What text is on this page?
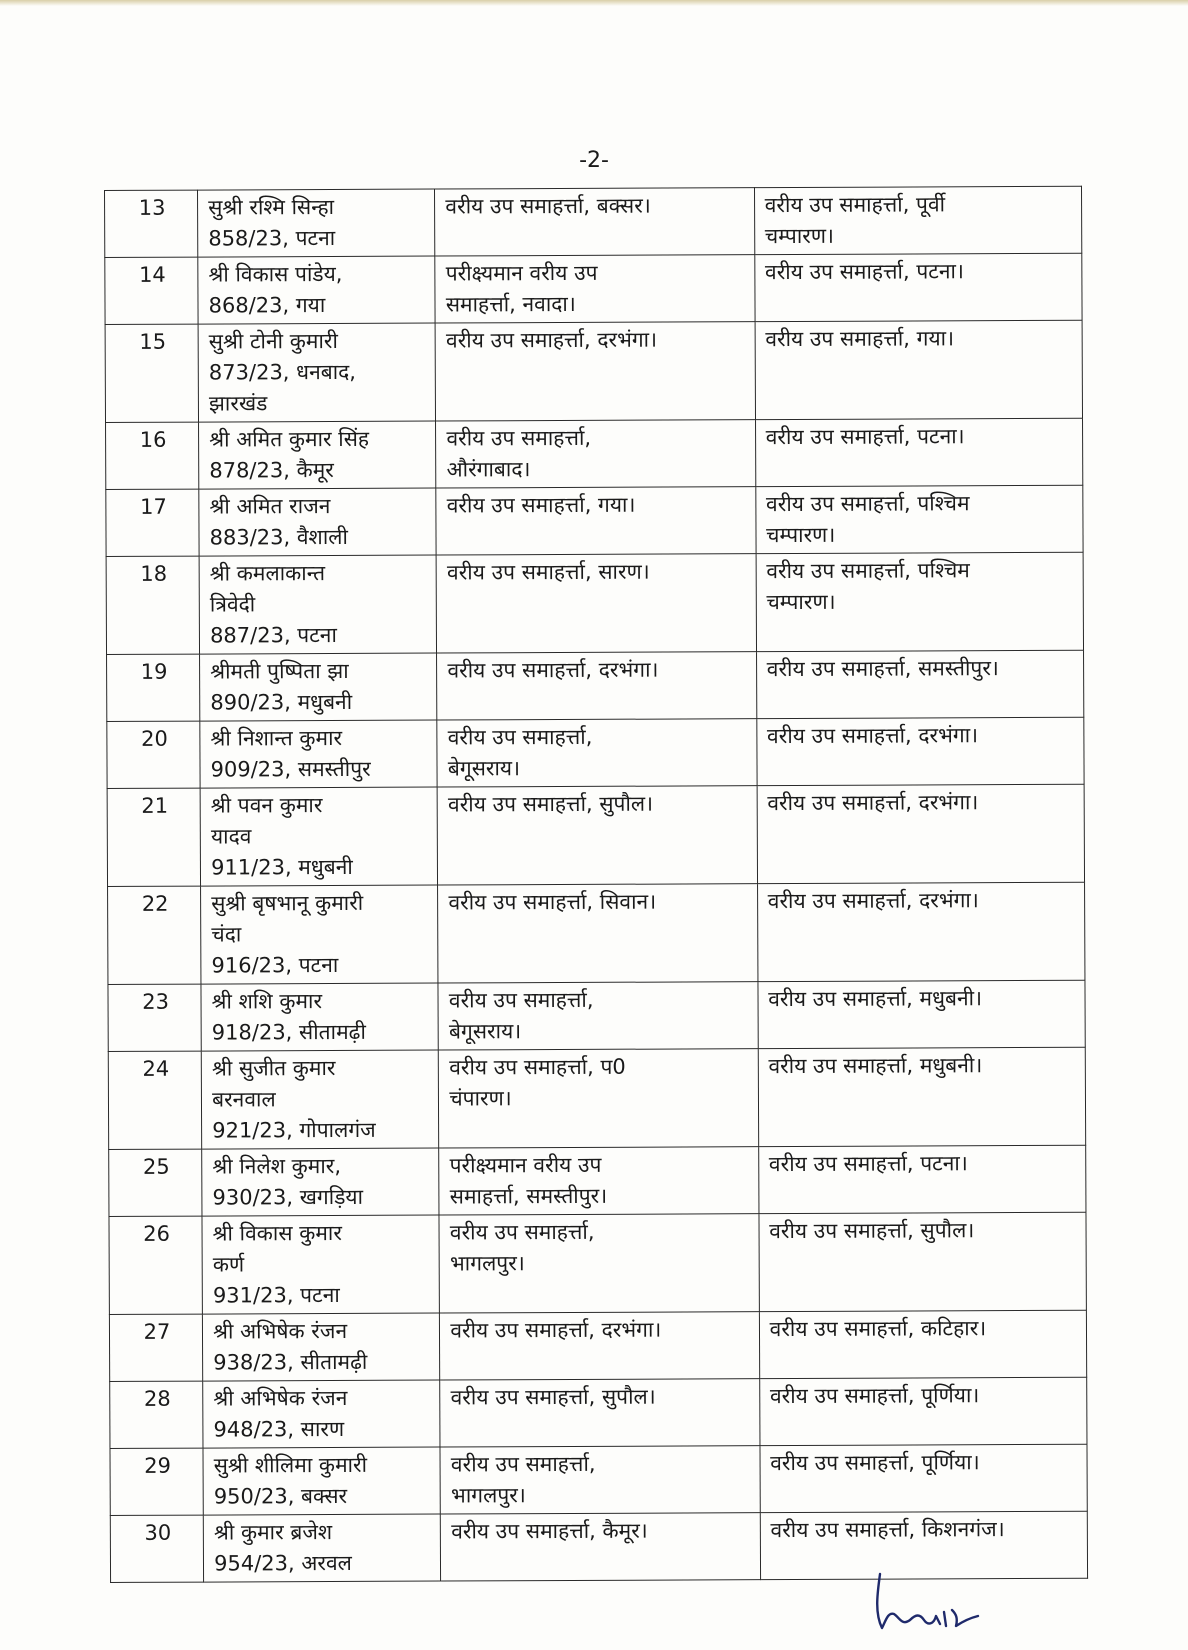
-2-
13	सुश्री रश्मि सिन्हा
858/23, पटना	वरीय उप समाहर्त्ता, बक्सर।	वरीय उप समाहर्त्ता, पूर्वी
चम्पारण।

14	श्री विकास पांडेय,
868/23, गया	परीक्ष्यमान वरीय उप
समाहर्त्ता, नवादा।	वरीय उप समाहर्त्ता, पटना।

15	सुश्री टोनी कुमारी
873/23, धनबाद,
झारखंड	वरीय उप समाहर्त्ता, दरभंगा।	वरीय उप समाहर्त्ता, गया।

16	श्री अमित कुमार सिंह
878/23, कैमूर	वरीय उप समाहर्त्ता,
औरंगाबाद।	वरीय उप समाहर्त्ता, पटना।

17	श्री अमित राजन
883/23, वैशाली	वरीय उप समाहर्त्ता, गया।	वरीय उप समाहर्त्ता, पश्चिम
चम्पारण।

18	श्री कमलाकान्त
त्रिवेदी
887/23, पटना	वरीय उप समाहर्त्ता, सारण।	वरीय उप समाहर्त्ता, पश्चिम
चम्पारण।

19	श्रीमती पुष्पिता झा
890/23, मधुबनी	वरीय उप समाहर्त्ता, दरभंगा।	वरीय उप समाहर्त्ता, समस्तीपुर।

20	श्री निशान्त कुमार
909/23, समस्तीपुर	वरीय उप समाहर्त्ता,
बेगूसराय।	वरीय उप समाहर्त्ता, दरभंगा।

21	श्री पवन कुमार
यादव
911/23, मधुबनी	वरीय उप समाहर्त्ता, सुपौल।	वरीय उप समाहर्त्ता, दरभंगा।

22	सुश्री बृषभानू कुमारी
चंदा
916/23, पटना	वरीय उप समाहर्त्ता, सिवान।	वरीय उप समाहर्त्ता, दरभंगा।

23	श्री शशि कुमार
918/23, सीतामढ़ी	वरीय उप समाहर्त्ता,
बेगूसराय।	वरीय उप समाहर्त्ता, मधुबनी।

24	श्री सुजीत कुमार
बरनवाल
921/23, गोपालगंज	वरीय उप समाहर्त्ता, प0
चंपारण।	वरीय उप समाहर्त्ता, मधुबनी।

25	श्री निलेश कुमार,
930/23, खगड़िया	परीक्ष्यमान वरीय उप
समाहर्त्ता, समस्तीपुर।	वरीय उप समाहर्त्ता, पटना।

26	श्री विकास कुमार
कर्ण
931/23, पटना	वरीय उप समाहर्त्ता,
भागलपुर।	वरीय उप समाहर्त्ता, सुपौल।

27	श्री अभिषेक रंजन
938/23, सीतामढ़ी	वरीय उप समाहर्त्ता, दरभंगा।	वरीय उप समाहर्त्ता, कटिहार।

28	श्री अभिषेक रंजन
948/23, सारण	वरीय उप समाहर्त्ता, सुपौल।	वरीय उप समाहर्त्ता, पूर्णिया।

29	सुश्री शीलिमा कुमारी
950/23, बक्सर	वरीय उप समाहर्त्ता,
भागलपुर।	वरीय उप समाहर्त्ता, पूर्णिया।

30	श्री कुमार ब्रजेश
954/23, अरवल	वरीय उप समाहर्त्ता, कैमूर।	वरीय उप समाहर्त्ता, किशनगंज।
